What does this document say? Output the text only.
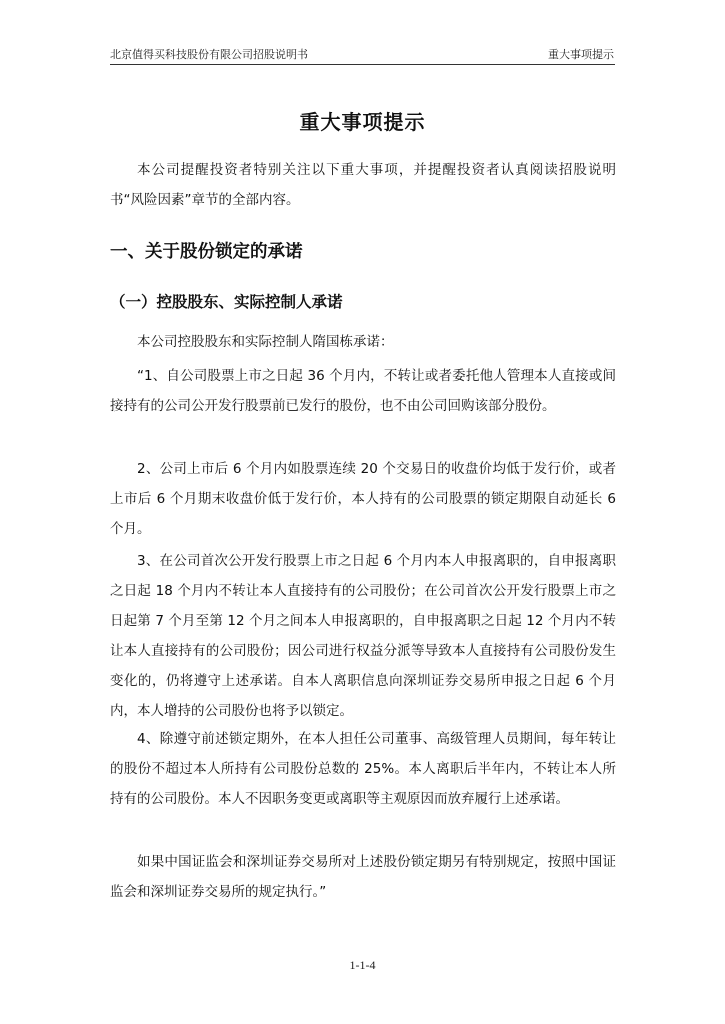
北京值得买科技股份有限公司招股说明书	重大事项提示
重大事项提示
本公司提醒投资者特别关注以下重大事项，并提醒投资者认真阅读招股说明书“风险因素”章节的全部内容。
一、关于股份锁定的承诺
（一）控股股东、实际控制人承诺
本公司控股股东和实际控制人隋国栋承诺：
“1、自公司股票上市之日起 36 个月内，不转让或者委托他人管理本人直接或间接持有的公司公开发行股票前已发行的股份，也不由公司回购该部分股份。
2、公司上市后 6 个月内如股票连续 20 个交易日的收盘价均低于发行价，或者上市后 6 个月期末收盘价低于发行价，本人持有的公司股票的锁定期限自动延长 6 个月。
3、在公司首次公开发行股票上市之日起 6 个月内本人申报离职的，自申报离职之日起 18 个月内不转让本人直接持有的公司股份；在公司首次公开发行股票上市之日起第 7 个月至第 12 个月之间本人申报离职的，自申报离职之日起 12 个月内不转让本人直接持有的公司股份；因公司进行权益分派等导致本人直接持有公司股份发生变化的，仍将遵守上述承诺。自本人离职信息向深圳证券交易所申报之日起 6 个月内，本人增持的公司股份也将予以锁定。
4、除遵守前述锁定期外，在本人担任公司董事、高级管理人员期间，每年转让的股份不超过本人所持有公司股份总数的 25%。本人离职后半年内，不转让本人所持有的公司股份。本人不因职务变更或离职等主观原因而放弃履行上述承诺。
如果中国证监会和深圳证券交易所对上述股份锁定期另有特别规定，按照中国证监会和深圳证券交易所的规定执行。”
1-1-4
